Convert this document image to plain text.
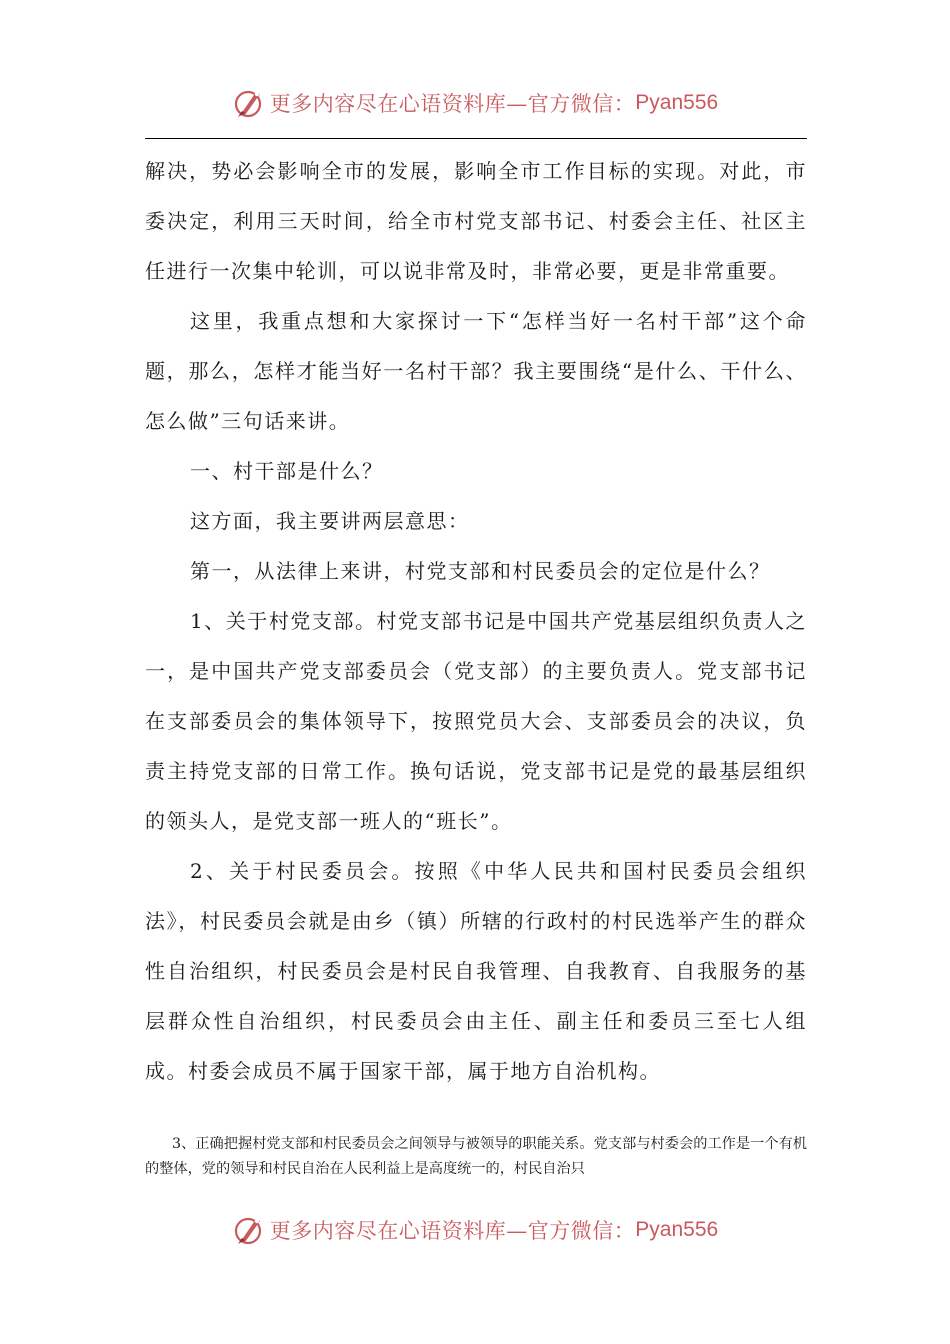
更多内容尽在心语资料库—官方微信： Pyan556

解决，势必会影响全市的发展，影响全市工作目标的实现。对此，市委决定，利用三天时间，给全市村党支部书记、村委会主任、社区主任进行一次集中轮训，可以说非常及时，非常必要，更是非常重要。

这里，我重点想和大家探讨一下“怎样当好一名村干部”这个命题，那么，怎样才能当好一名村干部？我主要围绕“是什么、干什么、怎么做”三句话来讲。

一、村干部是什么？

这方面，我主要讲两层意思：

第一，从法律上来讲，村党支部和村民委员会的定位是什么？

1、关于村党支部。村党支部书记是中国共产党基层组织负责人之一，是中国共产党支部委员会（党支部）的主要负责人。党支部书记在支部委员会的集体领导下，按照党员大会、支部委员会的决议，负责主持党支部的日常工作。换句话说，党支部书记是党的最基层组织的领头人，是党支部一班人的“班长”。

2、关于村民委员会。按照《中华人民共和国村民委员会组织法》，村民委员会就是由乡（镇）所辖的行政村的村民选举产生的群众性自治组织，村民委员会是村民自我管理、自我教育、自我服务的基层群众性自治组织，村民委员会由主任、副主任和委员三至七人组成。村委会成员不属于国家干部，属于地方自治机构。

3、正确把握村党支部和村民委员会之间领导与被领导的职能关系。党支部与村委会的工作是一个有机的整体，党的领导和村民自治在人民利益上是高度统一的，村民自治只

更多内容尽在心语资料库—官方微信： Pyan556
